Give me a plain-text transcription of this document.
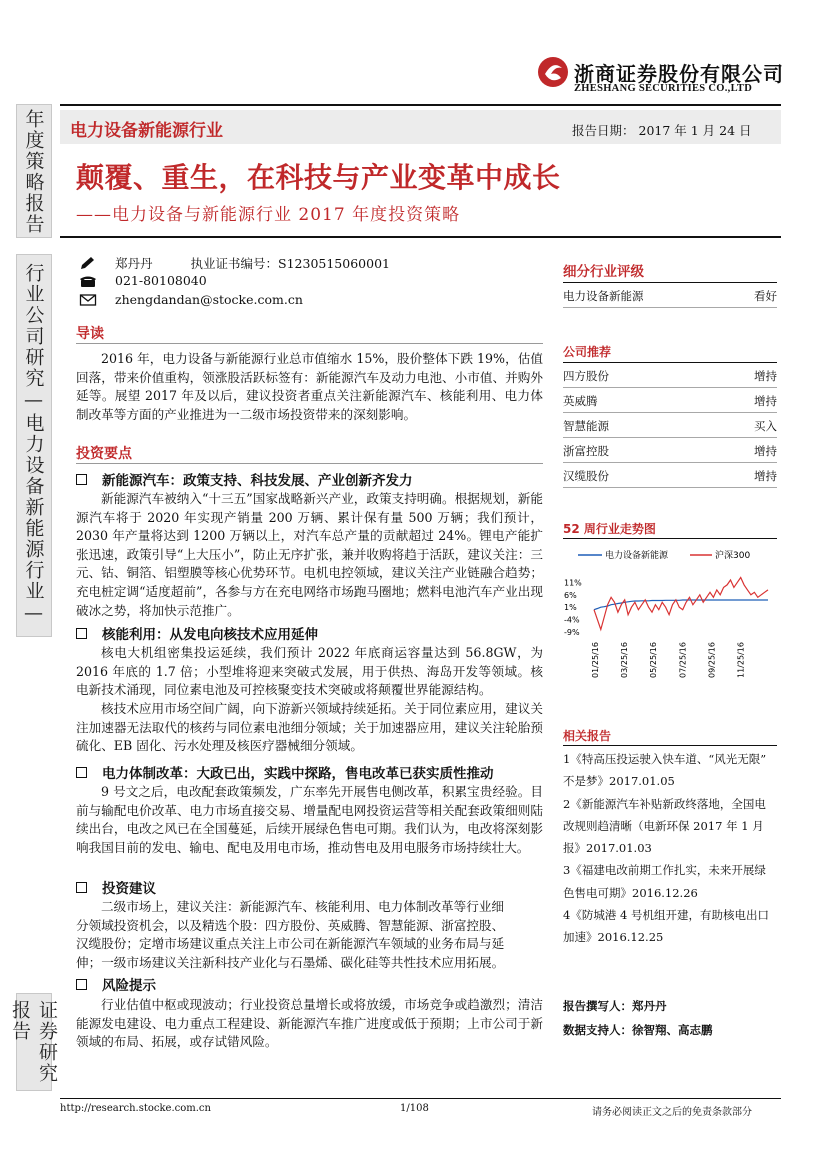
浙商证券股份有限公司
ZHESHANG SECURITIES CO.,LTD
年度策略报告
行业公司研究—电力设备新能源行业—
证券研究报告
电力设备新能源行业	报告日期： 2017 年 1 月 24 日
颠覆、重生，在科技与产业变革中成长
——电力设备与新能源行业 2017 年度投资策略
郑丹丹	执业证书编号： S1230515060001
021-80108040
zhengdandan@stocke.com.cn
导读
2016 年，电力设备与新能源行业总市值缩水 15%，股价整体下跌 19%，估值回落，带来价值重构，领涨股活跃标签有：新能源汽车及动力电池、小市值、并购外延等。展望 2017 年及以后，建议投资者重点关注新能源汽车、核能利用、电力体制改革等方面的产业推进为一二级市场投资带来的深刻影响。
投资要点
新能源汽车：政策支持、科技发展、产业创新齐发力
新能源汽车被纳入“十三五”国家战略新兴产业，政策支持明确。根据规划，新能源汽车将于 2020 年实现产销量 200 万辆、累计保有量 500 万辆；我们预计，2030 年产量将达到 1200 万辆以上，对汽车总产量的贡献超过 24%。锂电产能扩张迅速，政策引导“上大压小”，防止无序扩张，兼并收购将趋于活跃，建议关注：三元、钴、铜箔、铝塑膜等核心优势环节。电机电控领域，建议关注产业链融合趋势；充电桩定调“适度超前”，各参与方在充电网络市场跑马圈地；燃料电池汽车产业出现破冰之势，将加快示范推广。
核能利用：从发电向核技术应用延伸
核电大机组密集投运延续，我们预计 2022 年底商运容量达到 56.8GW，为 2016 年底的 1.7 倍；小型堆将迎来突破式发展，用于供热、海岛开发等领域。核电新技术涌现，同位素电池及可控核聚变技术突破或将颠覆世界能源结构。
核技术应用市场空间广阔，向下游新兴领域持续延拓。关于同位素应用，建议关注加速器无法取代的核药与同位素电池细分领域；关于加速器应用，建议关注轮胎预硫化、EB 固化、污水处理及核医疗器械细分领域。
电力体制改革：大政已出，实践中探路，售电改革已获实质性推动
9 号文之后，电改配套政策频发，广东率先开展售电侧改革，积累宝贵经验。目前与输配电价改革、电力市场直接交易、增量配电网投资运营等相关配套政策细则陆续出台，电改之风已在全国蔓延，后续开展绿色售电可期。我们认为，电改将深刻影响我国目前的发电、输电、配电及用电市场，推动售电及用电服务市场持续壮大。
投资建议
二级市场上，建议关注：新能源汽车、核能利用、电力体制改革等行业细
分领域投资机会，以及精选个股：四方股份、英威腾、智慧能源、浙富控股、
汉缆股份；定增市场建议重点关注上市公司在新能源汽车领域的业务布局与延
伸；一级市场建议关注新科技产业化与石墨烯、碳化硅等共性技术应用拓展。
风险提示
行业估值中枢或现波动；行业投资总量增长或将放缓，市场竞争或趋激烈；清洁能源发电建设、电力重点工程建设、新能源汽车推广进度或低于预期；上市公司于新领域的布局、拓展，或存试错风险。
细分行业评级
电力设备新能源	看好
公司推荐
四方股份	增持
英威腾	增持
智慧能源	买入
浙富控股	增持
汉缆股份	增持
52 周行业走势图
电力设备新能源	沪深300
11%
6%
1%
-4%
-9%
01/25/16	03/25/16	05/25/16	07/25/16	09/25/16	11/25/16
相关报告
1《特高压投运驶入快车道、“风光无限”
不是梦》2017.01.05
2《新能源汽车补贴新政终落地，全国电
改规则趋清晰（电新环保 2017 年 1 月
报》2017.01.03
3《福建电改前期工作扎实，未来开展绿
色售电可期》2016.12.26
4《防城港 4 号机组开建，有助核电出口
加速》2016.12.25
报告撰写人：郑丹丹
数据支持人：徐智翔、高志鹏
http://research.stocke.com.cn	1/108	请务必阅读正文之后的免责条款部分
